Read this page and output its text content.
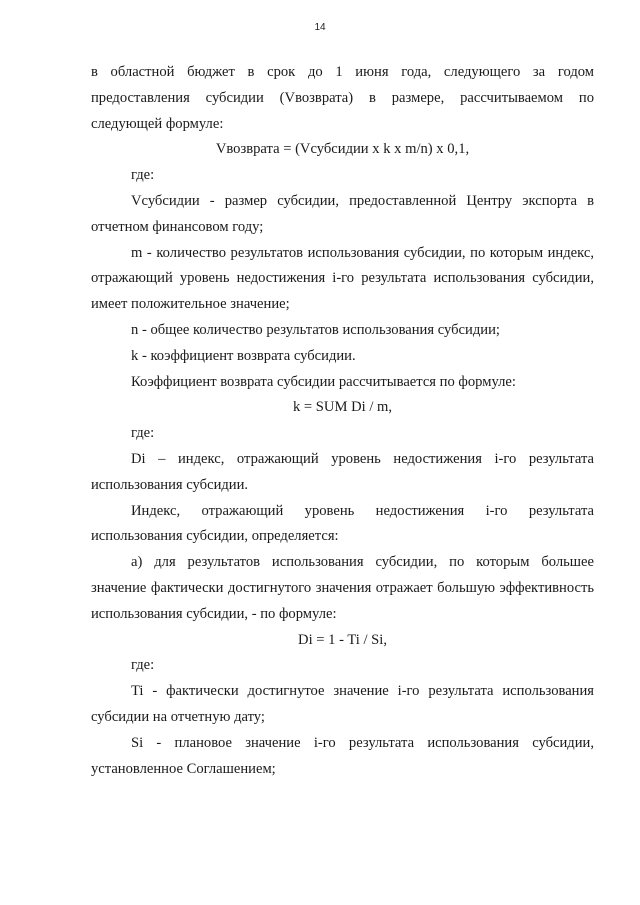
14

в областной бюджет в срок до 1 июня года, следующего за годом предоставления субсидии (Vвозврата) в размере, рассчитываемом по следующей формуле:

Vвозврата = (Vсубсидии x k x m/n) x 0,1,

где:

Vсубсидии - размер субсидии, предоставленной Центру экспорта в отчетном финансовом году;

m - количество результатов использования субсидии, по которым индекс, отражающий уровень недостижения i-го результата использования субсидии, имеет положительное значение;

n - общее количество результатов использования субсидии;

k - коэффициент возврата субсидии.

Коэффициент возврата субсидии рассчитывается по формуле:

k = SUM Di / m,

где:

Di – индекс, отражающий уровень недостижения i-го результата использования субсидии.

Индекс, отражающий уровень недостижения i-го результата использования субсидии, определяется:

а) для результатов использования субсидии, по которым большее значение фактически достигнутого значения отражает большую эффективность использования субсидии, - по формуле:

Di = 1 - Ti / Si,

где:

Ti - фактически достигнутое значение i-го результата использования субсидии на отчетную дату;

Si - плановое значение i-го результата использования субсидии, установленное Соглашением;
